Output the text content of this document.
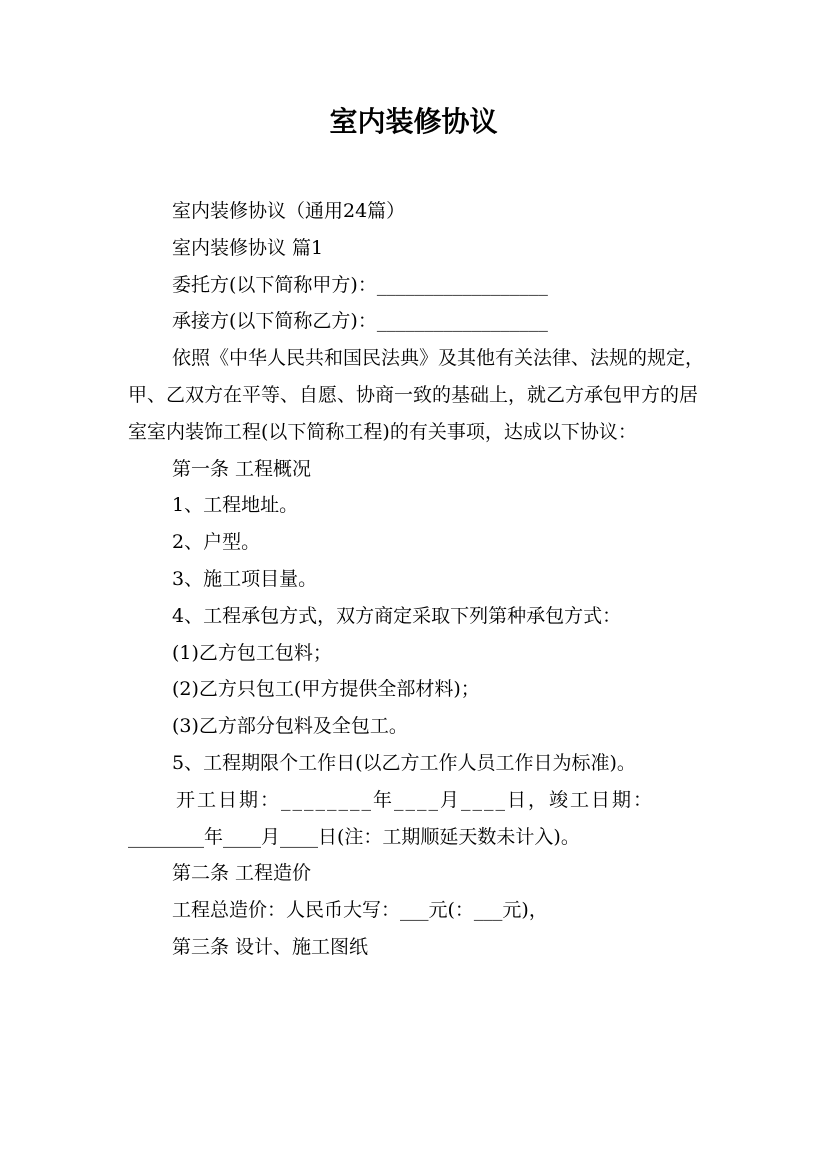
室内装修协议

室内装修协议（通用24篇）

室内装修协议 篇1

委托方(以下简称甲方)：__________________

承接方(以下简称乙方)：__________________

依照《中华人民共和国民法典》及其他有关法律、法规的规定，甲、乙双方在平等、自愿、协商一致的基础上，就乙方承包甲方的居室室内装饰工程(以下简称工程)的有关事项，达成以下协议：

第一条 工程概况

1、工程地址。

2、户型。

3、施工项目量。

4、工程承包方式，双方商定采取下列第种承包方式：

(1)乙方包工包料；

(2)乙方只包工(甲方提供全部材料)；

(3)乙方部分包料及全包工。

5、工程期限个工作日(以乙方工作人员工作日为标准)。

开工日期：________年____月____日，竣工日期：

________年____月____日(注：工期顺延天数未计入)。

第二条 工程造价

工程总造价：人民币大写：___元(：___元)，

第三条 设计、施工图纸
